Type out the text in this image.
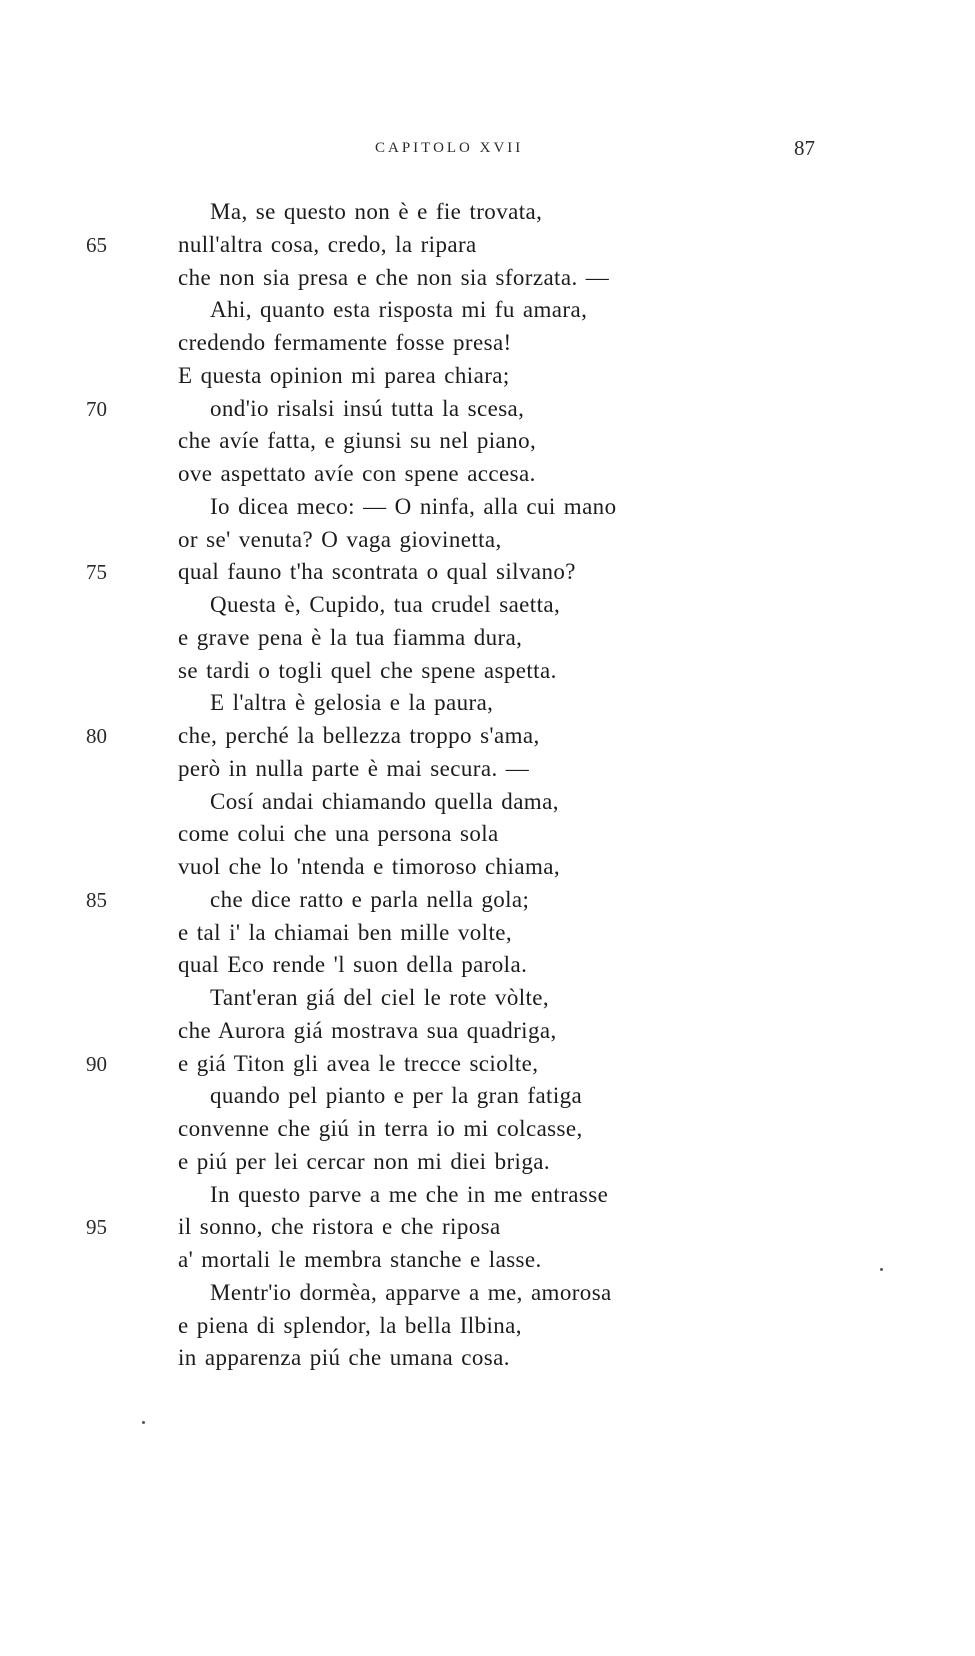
CAPITOLO XVII	87
Ma, se questo non è e fie trovata,
65	null'altra cosa, credo, la ripara
che non sia presa e che non sia sforzata. —
Ahi, quanto esta risposta mi fu amara,
credendo fermamente fosse presa!
E questa opinion mi parea chiara;
70	ond'io risalsi insú tutta la scesa,
che avíe fatta, e giunsi su nel piano,
ove aspettato avíe con spene accesa.
Io dicea meco: — O ninfa, alla cui mano
or se' venuta? O vaga giovinetta,
75	qual fauno t'ha scontrata o qual silvano?
Questa è, Cupido, tua crudel saetta,
e grave pena è la tua fiamma dura,
se tardi o togli quel che spene aspetta.
E l'altra è gelosia e la paura,
80	che, perché la bellezza troppo s'ama,
però in nulla parte è mai secura. —
Cosí andai chiamando quella dama,
come colui che una persona sola
vuol che lo 'ntenda e timoroso chiama,
85	che dice ratto e parla nella gola;
e tal i' la chiamai ben mille volte,
qual Eco rende 'l suon della parola.
Tant'eran giá del ciel le rote vòlte,
che Aurora giá mostrava sua quadriga,
90	e giá Titon gli avea le trecce sciolte,
quando pel pianto e per la gran fatiga
convenne che giú in terra io mi colcasse,
e piú per lei cercar non mi diei briga.
In questo parve a me che in me entrasse
95	il sonno, che ristora e che riposa
a' mortali le membra stanche e lasse.
Mentr'io dormèa, apparve a me, amorosa
e piena di splendor, la bella Ilbina,
in apparenza piú che umana cosa.
